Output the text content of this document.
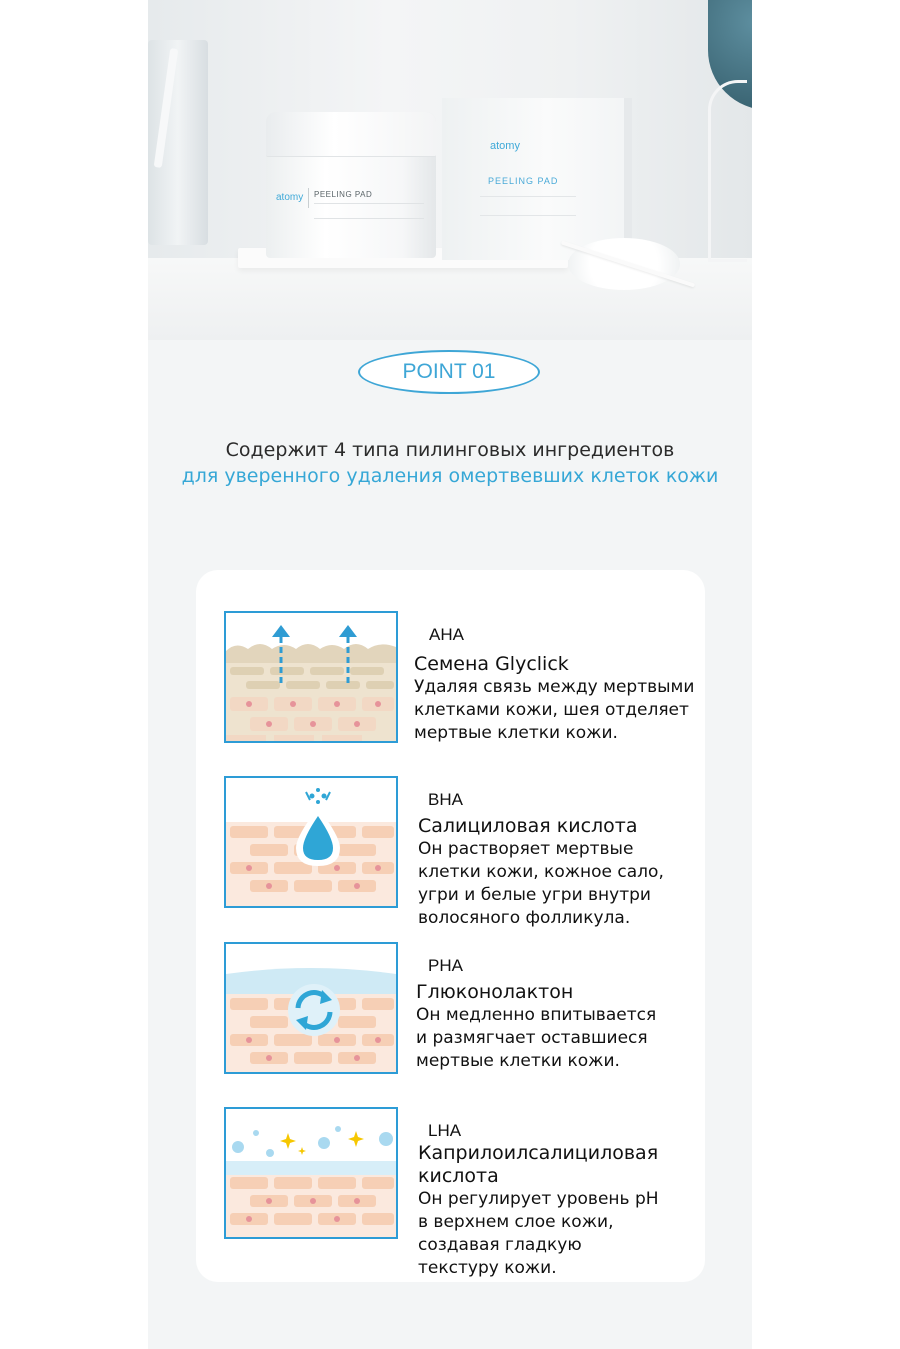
atomy PEELING PAD
atomy
PEELING PAD
POINT 01
Содержит 4 типа пилинговых ингредиентов
для уверенного удаления омертвевших клеток кожи
AHA
Семена Glyclick
Удаляя связь между мертвыми
клетками кожи, шея отделяет
мертвые клетки кожи.
BHA
Салициловая кислота
Он растворяет мертвые
клетки кожи, кожное сало,
угри и белые угри внутри
волосяного фолликула.
PHA
Глюконолактон
Он медленно впитывается
и размягчает оставшиеся
мертвые клетки кожи.
LHA
Каприлоилсалициловая
кислота
Он регулирует уровень pH
в верхнем слое кожи,
создавая гладкую
текстуру кожи.
